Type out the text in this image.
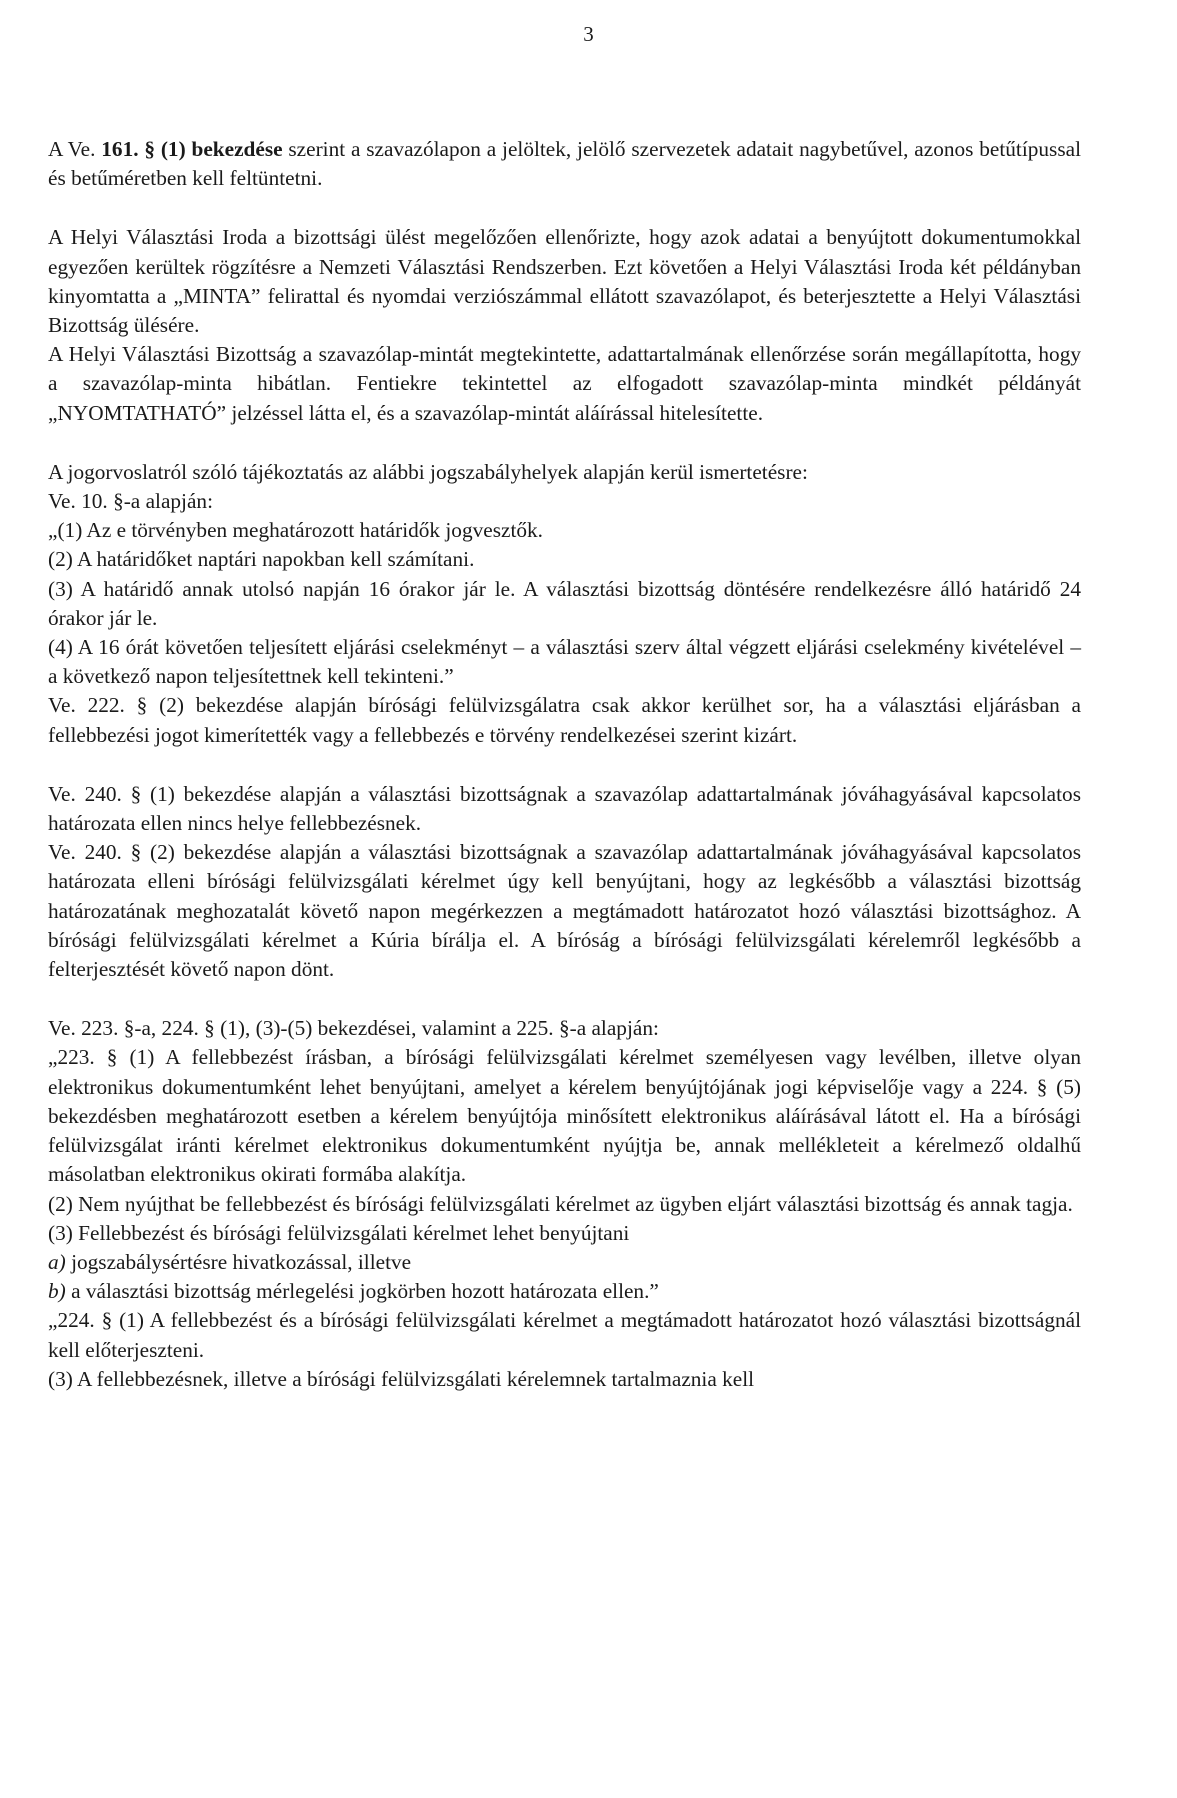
3

A Ve. 161. § (1) bekezdése szerint a szavazólapon a jelöltek, jelölő szervezetek adatait nagybetűvel, azonos betűtípussal és betűméretben kell feltüntetni.

A Helyi Választási Iroda a bizottsági ülést megelőzően ellenőrizte, hogy azok adatai a benyújtott dokumentumokkal egyezően kerültek rögzítésre a Nemzeti Választási Rendszerben. Ezt követően a Helyi Választási Iroda két példányban kinyomtatta a „MINTA” felirattal és nyomdai verziószámmal ellátott szavazólapot, és beterjesztette a Helyi Választási Bizottság ülésére.

A Helyi Választási Bizottság a szavazólap-mintát megtekintette, adattartalmának ellenőrzése során megállapította, hogy a szavazólap-minta hibátlan. Fentiekre tekintettel az elfogadott szavazólap-minta mindkét példányát „NYOMTATHATÓ” jelzéssel látta el, és a szavazólap-mintát aláírással hitelesítette.

A jogorvoslatról szóló tájékoztatás az alábbi jogszabályhelyek alapján kerül ismertetésre:

Ve. 10. §-a alapján:

„(1) Az e törvényben meghatározott határidők jogvesztők.

(2) A határidőket naptári napokban kell számítani.

(3) A határidő annak utolsó napján 16 órakor jár le. A választási bizottság döntésére rendelkezésre álló határidő 24 órakor jár le.

(4) A 16 órát követően teljesített eljárási cselekményt – a választási szerv által végzett eljárási cselekmény kivételével – a következő napon teljesítettnek kell tekinteni.”

Ve. 222. § (2) bekezdése alapján bírósági felülvizsgálatra csak akkor kerülhet sor, ha a választási eljárásban a fellebbezési jogot kimerítették vagy a fellebbezés e törvény rendelkezései szerint kizárt.

Ve. 240. § (1) bekezdése alapján a választási bizottságnak a szavazólap adattartalmának jóváhagyásával kapcsolatos határozata ellen nincs helye fellebbezésnek.

Ve. 240. § (2) bekezdése alapján a választási bizottságnak a szavazólap adattartalmának jóváhagyásával kapcsolatos határozata elleni bírósági felülvizsgálati kérelmet úgy kell benyújtani, hogy az legkésőbb a választási bizottság határozatának meghozatalát követő napon megérkezzen a megtámadott határozatot hozó választási bizottsághoz. A bírósági felülvizsgálati kérelmet a Kúria bírálja el. A bíróság a bírósági felülvizsgálati kérelemről legkésőbb a felterjesztését követő napon dönt.

Ve. 223. §-a, 224. § (1), (3)-(5) bekezdései, valamint a 225. §-a alapján:

„223. § (1) A fellebbezést írásban, a bírósági felülvizsgálati kérelmet személyesen vagy levélben, illetve olyan elektronikus dokumentumként lehet benyújtani, amelyet a kérelem benyújtójának jogi képviselője vagy a 224. § (5) bekezdésben meghatározott esetben a kérelem benyújtója minősített elektronikus aláírásával látott el. Ha a bírósági felülvizsgálat iránti kérelmet elektronikus dokumentumként nyújtja be, annak mellékleteit a kérelmező oldalhű másolatban elektronikus okirati formába alakítja.

(2) Nem nyújthat be fellebbezést és bírósági felülvizsgálati kérelmet az ügyben eljárt választási bizottság és annak tagja.

(3) Fellebbezést és bírósági felülvizsgálati kérelmet lehet benyújtani

a) jogszabálysértésre hivatkozással, illetve

b) a választási bizottság mérlegelési jogkörben hozott határozata ellen.”

„224. § (1) A fellebbezést és a bírósági felülvizsgálati kérelmet a megtámadott határozatot hozó választási bizottságnál kell előterjeszteni.

(3) A fellebbezésnek, illetve a bírósági felülvizsgálati kérelemnek tartalmaznia kell
